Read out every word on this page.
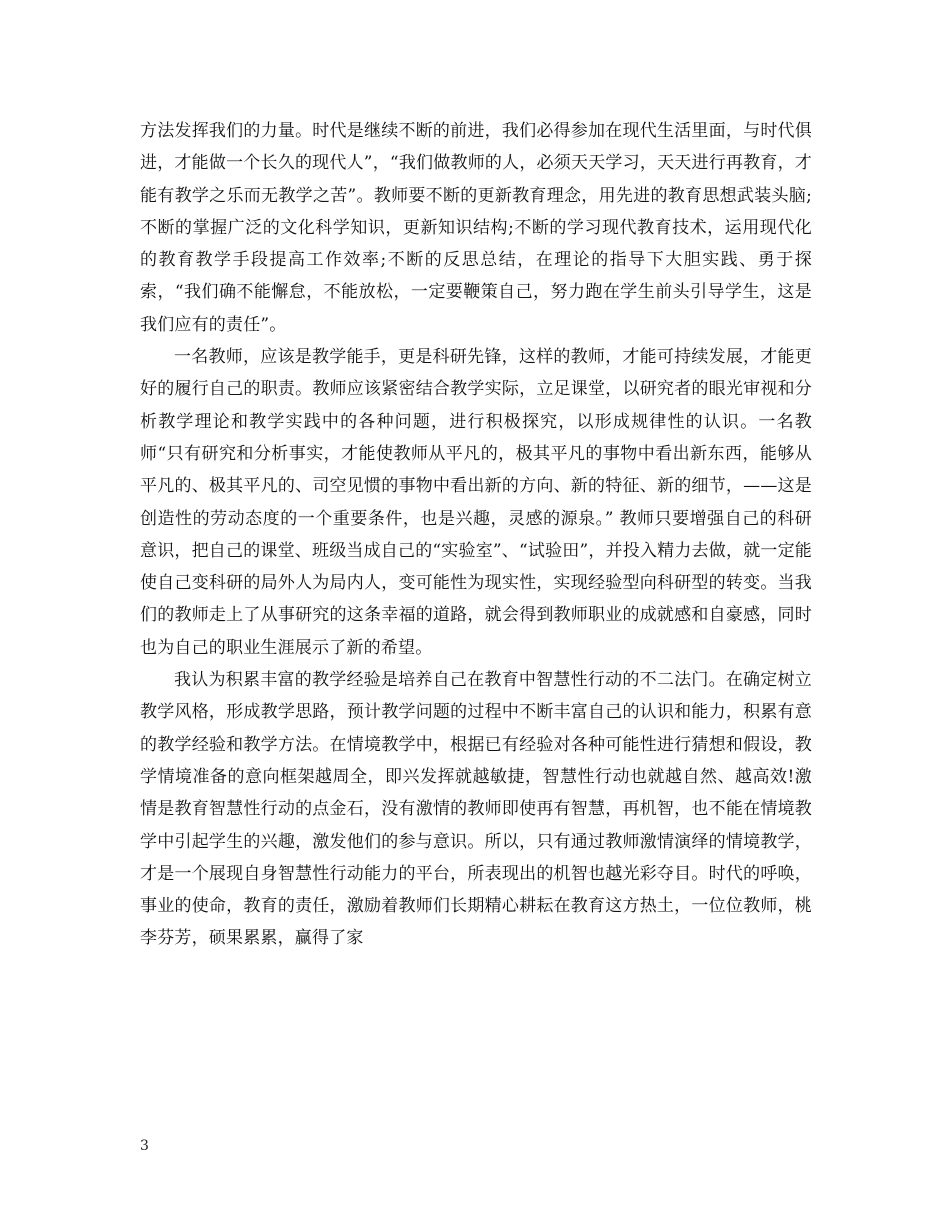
方法发挥我们的力量。时代是继续不断的前进，我们必得参加在现代生活里面，与时代俱进，才能做一个长久的现代人”，“我们做教师的人，必须天天学习，天天进行再教育，才能有教学之乐而无教学之苦”。教师要不断的更新教育理念，用先进的教育思想武装头脑;不断的掌握广泛的文化科学知识，更新知识结构;不断的学习现代教育技术，运用现代化的教育教学手段提高工作效率;不断的反思总结，在理论的指导下大胆实践、勇于探索，“我们确不能懈怠，不能放松，一定要鞭策自己，努力跑在学生前头引导学生，这是我们应有的责任”。

一名教师，应该是教学能手，更是科研先锋，这样的教师，才能可持续发展，才能更好的履行自己的职责。教师应该紧密结合教学实际，立足课堂，以研究者的眼光审视和分析教学理论和教学实践中的各种问题，进行积极探究，以形成规律性的认识。一名教师“只有研究和分析事实，才能使教师从平凡的，极其平凡的事物中看出新东西，能够从平凡的、极其平凡的、司空见惯的事物中看出新的方向、新的特征、新的细节，——这是创造性的劳动态度的一个重要条件，也是兴趣，灵感的源泉。” 教师只要增强自己的科研意识，把自己的课堂、班级当成自己的“实验室”、“试验田”，并投入精力去做，就一定能使自己变科研的局外人为局内人，变可能性为现实性，实现经验型向科研型的转变。当我们的教师走上了从事研究的这条幸福的道路，就会得到教师职业的成就感和自豪感，同时也为自己的职业生涯展示了新的希望。

我认为积累丰富的教学经验是培养自己在教育中智慧性行动的不二法门。在确定树立教学风格，形成教学思路，预计教学问题的过程中不断丰富自己的认识和能力，积累有意的教学经验和教学方法。在情境教学中，根据已有经验对各种可能性进行猜想和假设，教学情境准备的意向框架越周全，即兴发挥就越敏捷，智慧性行动也就越自然、越高效!激情是教育智慧性行动的点金石，没有激情的教师即使再有智慧，再机智，也不能在情境教学中引起学生的兴趣，激发他们的参与意识。所以，只有通过教师激情演绎的情境教学，才是一个展现自身智慧性行动能力的平台，所表现出的机智也越光彩夺目。时代的呼唤，事业的使命，教育的责任，激励着教师们长期精心耕耘在教育这方热土，一位位教师，桃李芬芳，硕果累累，赢得了家

3
